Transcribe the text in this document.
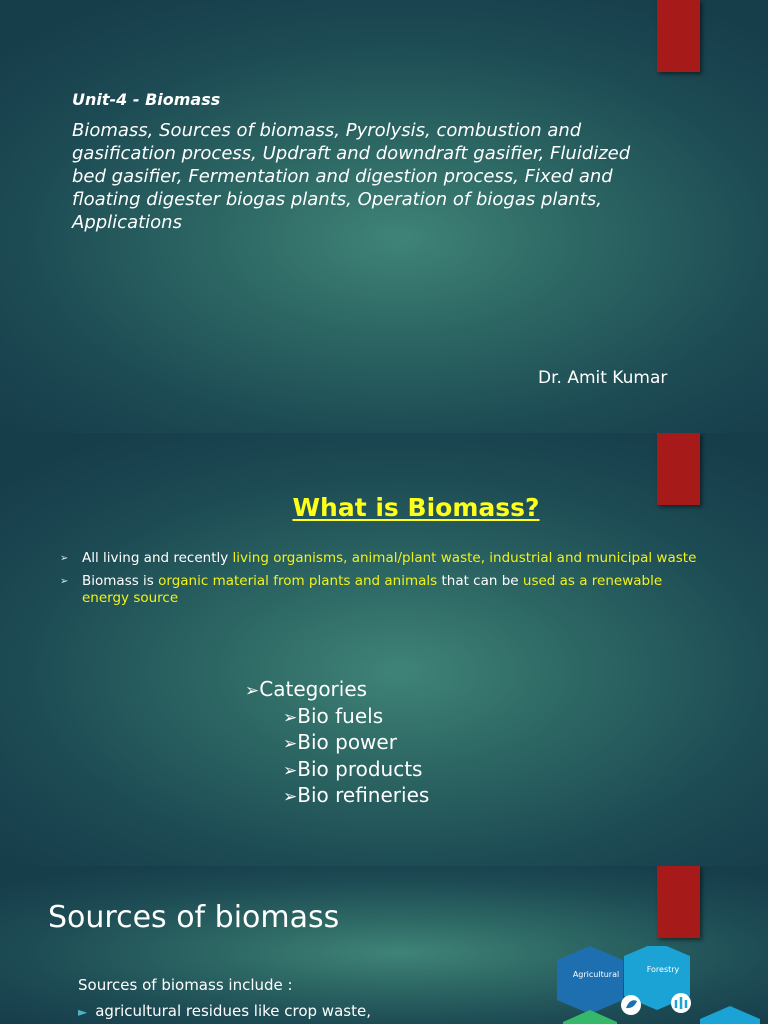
Unit-4 - Biomass

Biomass, Sources of biomass, Pyrolysis, combustion and gasification process, Updraft and downdraft gasifier, Fluidized bed gasifier, Fermentation and digestion process, Fixed and floating digester biogas plants, Operation of biogas plants, Applications

Dr. Amit Kumar

What is Biomass?
➢ All living and recently living organisms, animal/plant waste, industrial and municipal waste
➢ Biomass is organic material from plants and animals that can be used as a renewable energy source
➢Categories
➢Bio fuels
➢Bio power
➢Bio products
➢Bio refineries
Sources of biomass

Sources of biomass include :

► agricultural residues like crop waste,

Agricultural
Forestry
